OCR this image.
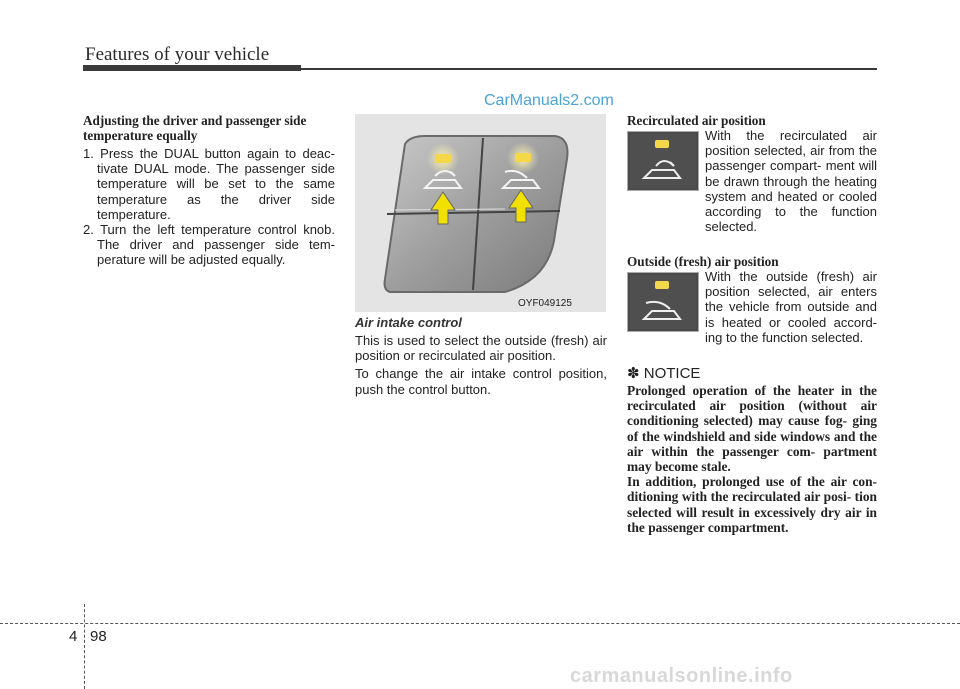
Features of your vehicle
CarManuals2.com
Adjusting the driver and passenger side temperature equally

1. Press the DUAL button again to deac- tivate DUAL mode. The passenger side temperature will be set to the same temperature as the driver side temperature.

2. Turn the left temperature control knob. The driver and passenger side tem- perature will be adjusted equally.

OYF049125
Air intake control

This is used to select the outside (fresh) air position or recirculated air position.

To change the air intake control position, push the control button.

Recirculated air position
With the recirculated air position selected, air from the passenger compart- ment will be drawn through the heating system and heated or cooled according to the function selected.
Outside (fresh) air position
With the outside (fresh) air position selected, air enters the vehicle from outside and is heated or cooled accord- ing to the function selected.
✽ NOTICE
Prolonged operation of the heater in the recirculated air position (without air conditioning selected) may cause fog- ging of the windshield and side windows and the air within the passenger com- partment may become stale.
In addition, prolonged use of the air con- ditioning with the recirculated air posi- tion selected will result in excessively dry air in the passenger compartment.
4 98
carmanualsonline.info
